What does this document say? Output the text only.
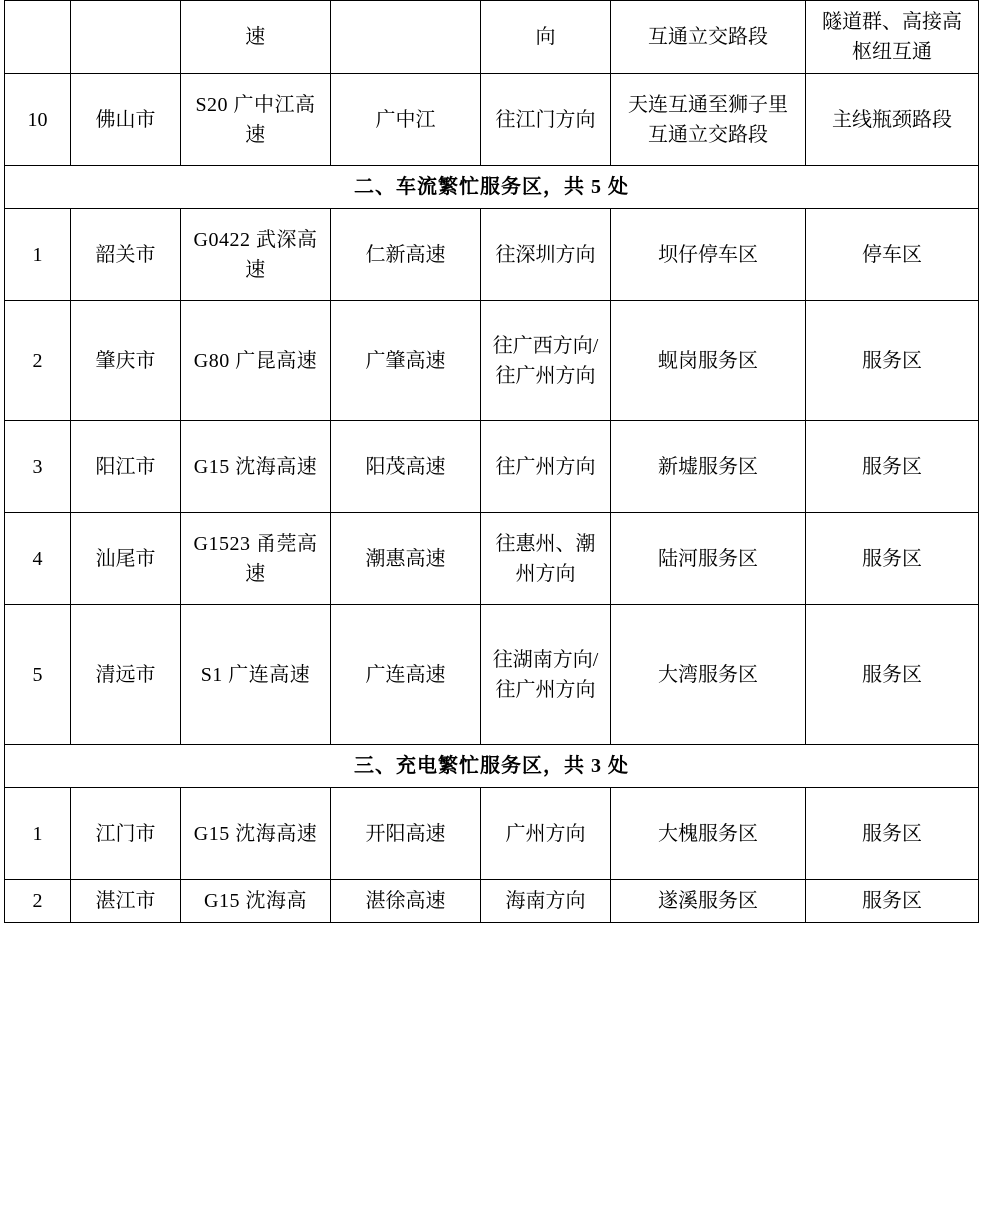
		速		向	互通立交路段	隧道群、高接高枢纽互通
10	佛山市	S20 广中江高速	广中江	往江门方向	天连互通至狮子里互通立交路段	主线瓶颈路段
二、车流繁忙服务区，共 5 处						
1	韶关市	G0422 武深高速	仁新高速	往深圳方向	坝仔停车区	停车区
2	肇庆市	G80 广昆高速	广肇高速	往广西方向/往广州方向	蚬岗服务区	服务区
3	阳江市	G15 沈海高速	阳茂高速	往广州方向	新墟服务区	服务区
4	汕尾市	G1523 甬莞高速	潮惠高速	往惠州、潮州方向	陆河服务区	服务区
5	清远市	S1 广连高速	广连高速	往湖南方向/往广州方向	大湾服务区	服务区
三、充电繁忙服务区，共 3 处						
1	江门市	G15 沈海高速	开阳高速	广州方向	大槐服务区	服务区
2	湛江市	G15 沈海高	湛徐高速	海南方向	遂溪服务区	服务区
